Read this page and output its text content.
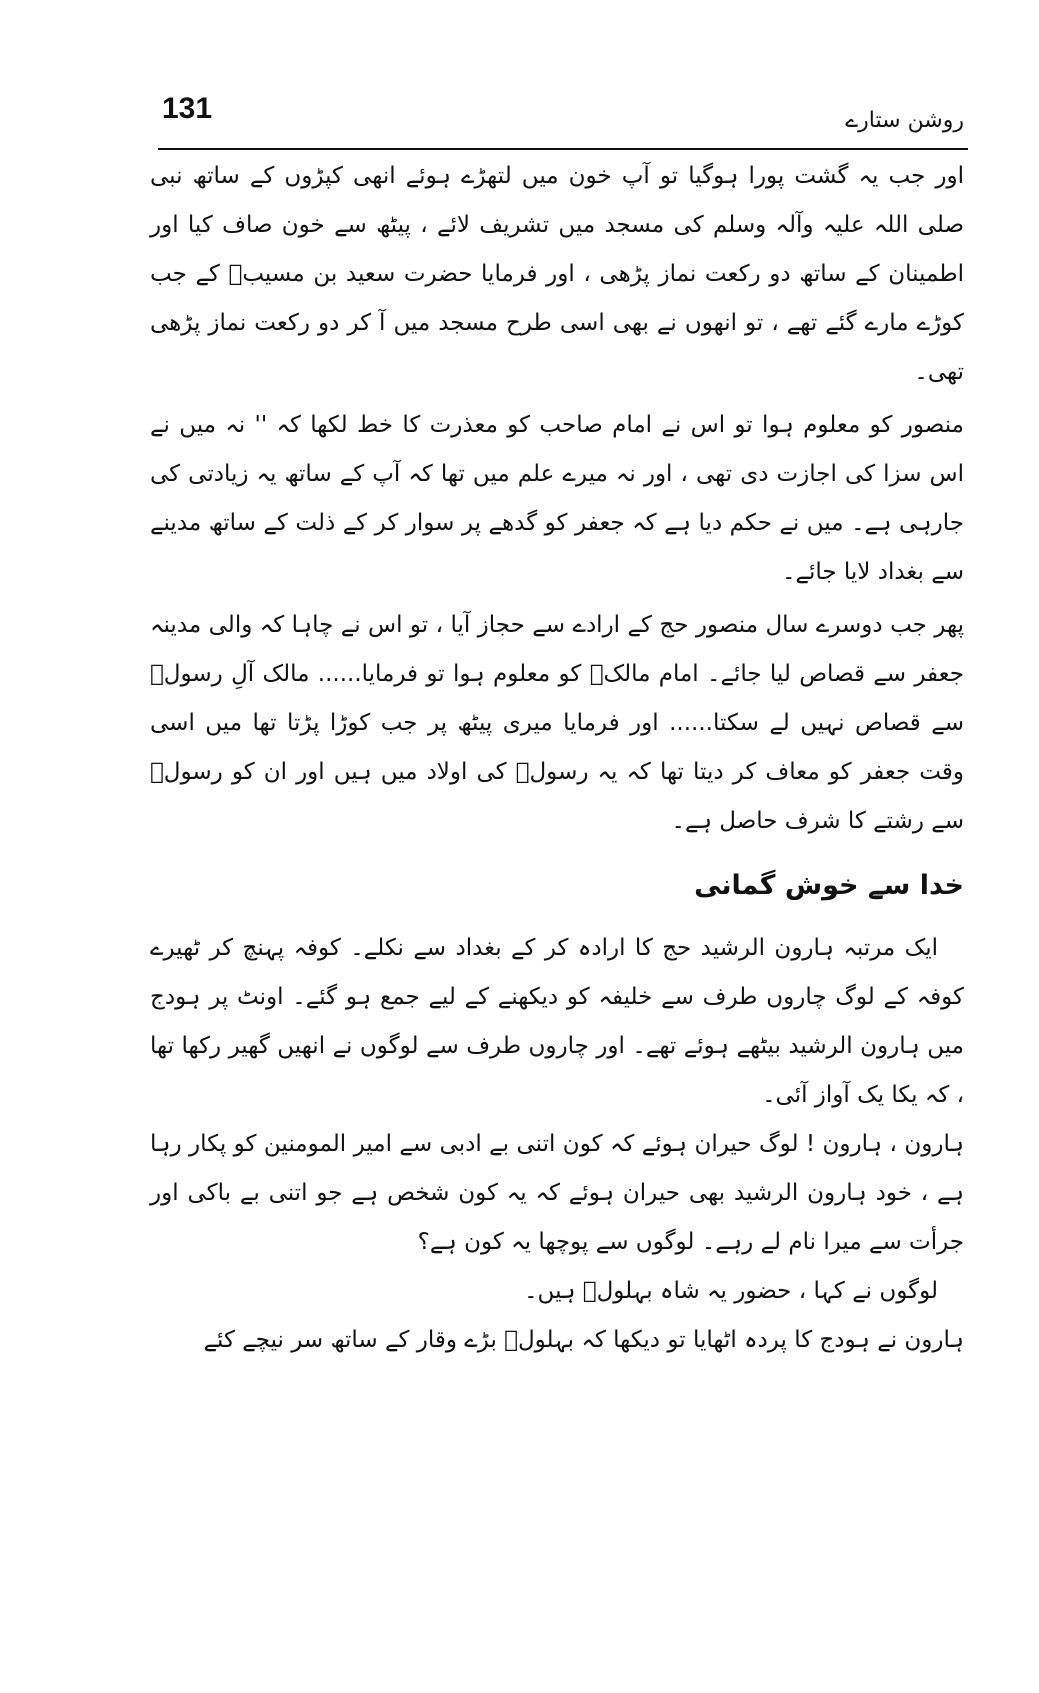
131	روشن ستارے

اور جب یہ گشت پورا ہوگیا تو آپ خون میں لتھڑے ہوئے انھی کپڑوں کے ساتھ نبی صلی اللہ علیہ وآلہ وسلم کی مسجد میں تشریف لائے ، پیٹھ سے خون صاف کیا اور اطمینان کے ساتھ دو رکعت نماز پڑھی ، اور فرمایا حضرت سعید بن مسیبؒ کے جب کوڑے مارے گئے تھے ، تو انھوں نے بھی اسی طرح مسجد میں آ کر دو رکعت نماز پڑھی تھی۔

منصور کو معلوم ہوا تو اس نے امام صاحب کو معذرت کا خط لکھا کہ '' نہ میں نے اس سزا کی اجازت دی تھی ، اور نہ میرے علم میں تھا کہ آپ کے ساتھ یہ زیادتی کی جارہی ہے۔ میں نے حکم دیا ہے کہ جعفر کو گدھے پر سوار کر کے ذلت کے ساتھ مدینے سے بغداد لایا جائے۔

پھر جب دوسرے سال منصور حج کے ارادے سے حجاز آیا ، تو اس نے چاہا کہ والی مدینہ جعفر سے قصاص لیا جائے۔ امام مالکؒ کو معلوم ہوا تو فرمایا...... مالک آلِ رسولؐ سے قصاص نہیں لے سکتا...... اور فرمایا میری پیٹھ پر جب کوڑا پڑتا تھا میں اسی وقت جعفر کو معاف کر دیتا تھا کہ یہ رسولؐ کی اولاد میں ہیں اور ان کو رسولؐ سے رشتے کا شرف حاصل ہے۔

خدا سے خوش گمانی

ایک مرتبہ ہارون الرشید حج کا ارادہ کر کے بغداد سے نکلے۔ کوفہ پہنچ کر ٹھیرے کوفہ کے لوگ چاروں طرف سے خلیفہ کو دیکھنے کے لیے جمع ہو گئے۔ اونٹ پر ہودج میں ہارون الرشید بیٹھے ہوئے تھے۔ اور چاروں طرف سے لوگوں نے انھیں گھیر رکھا تھا ، کہ یکا یک آواز آئی۔

ہارون ، ہارون ! لوگ حیران ہوئے کہ کون اتنی بے ادبی سے امیر المومنین کو پکار رہا ہے ، خود ہارون الرشید بھی حیران ہوئے کہ یہ کون شخص ہے جو اتنی بے باکی اور جرأت سے میرا نام لے رہے۔ لوگوں سے پوچھا یہ کون ہے؟

لوگوں نے کہا ، حضور یہ شاہ بہلولؒ ہیں۔

ہارون نے ہودج کا پردہ اٹھایا تو دیکھا کہ بہلولؒ بڑے وقار کے ساتھ سر نیچے کئے
